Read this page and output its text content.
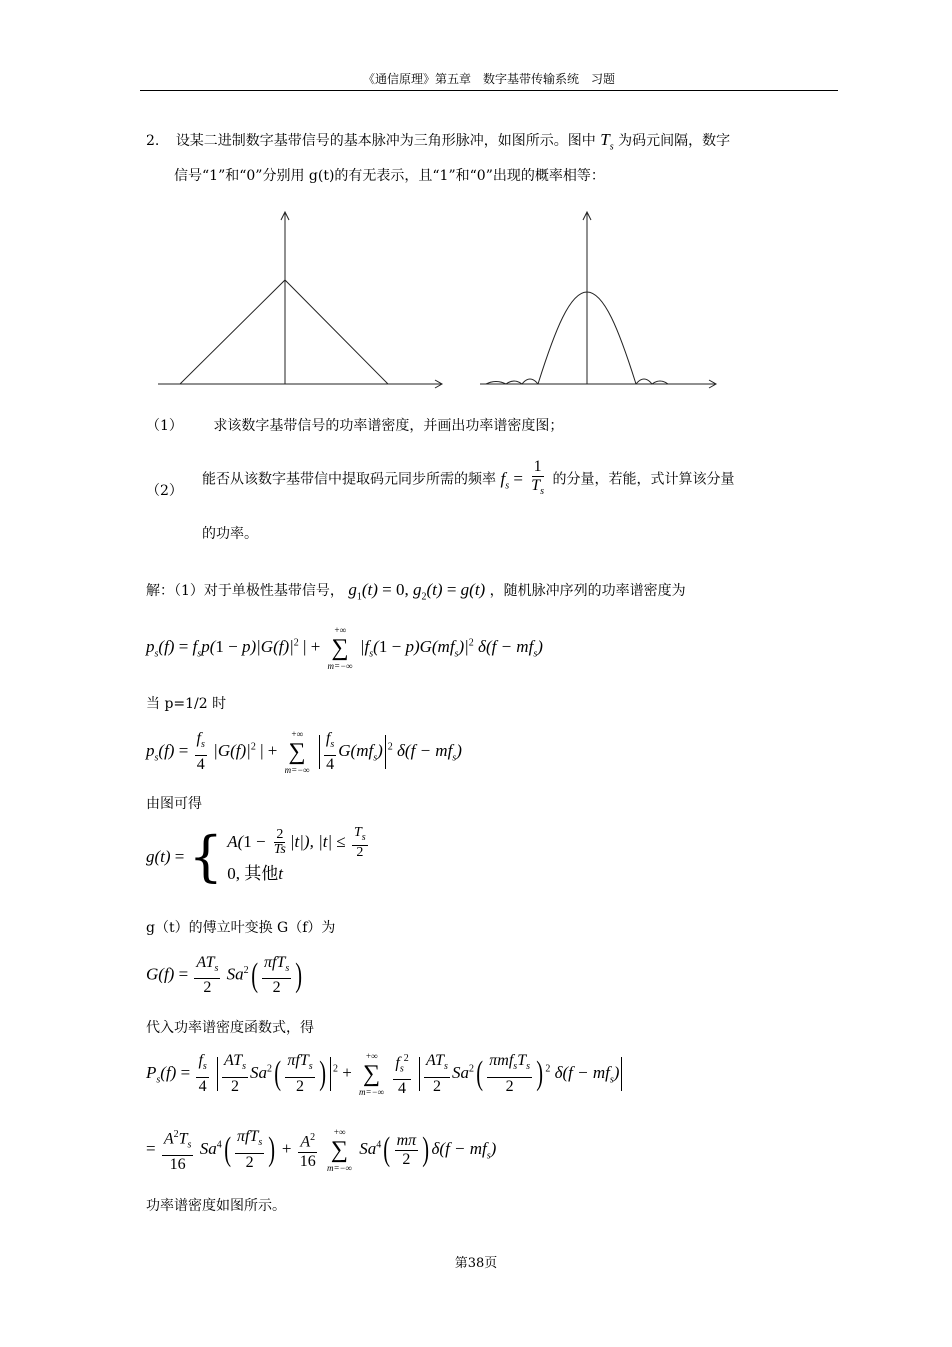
《通信原理》第五章　数字基带传输系统　习题
2. 设某二进制数字基带信号的基本脉冲为三角形脉冲，如图所示。图中 $T_s$ 为码元间隔，数字
信号“1”和“0”分别用 g(t)的有无表示，且“1”和“0”出现的概率相等：
（1） 求该数字基带信号的功率谱密度，并画出功率谱密度图；
（2）
能否从该数字基带信中提取码元同步所需的频率 $f_s = \frac{1}{T_s}$ 的分量，若能，式计算该分量
的功率。
解：（1）对于单极性基带信号， $g_1(t) = 0$, $g_2(t) = g(t)$ ，随机脉冲序列的功率谱密度为
$p_s(f) = f_sp(1 - p)|G(f)|^2$ | +
+∞
∑
m=−∞
$|f_s(1 - p)G(mf_s)|^2$ $\delta(f - mf_s)$
当 p=1/2 时
$p_s(f) = \frac{f_s}{4} |G(f)|^2$ | +
+∞
∑
m=−∞
$\frac{f_s}{4} G(mf_s)$ $^2$ $\delta(f - mf_s)$
由图可得
g(t) = { $A(1 - \frac{2}{Ts} |t|)$, $|t| \le \frac{T_s}{2}$
0, 其他t
g（t）的傅立叶变换 G（f）为
$G(f) = \frac{AT_s}{2} Sa^2( \frac{\pi fT_s}{2}$ )
代入功率谱密度函数式，得
$P_s(f) = \frac{f_s}{4}$
$\frac{AT_s}{2} Sa^2( \frac{\pi fT_s}{2}$ ) $^2$ +
+∞
∑
m=−∞
$\frac{f_s^2}{4}$
$\frac{AT_s}{2} Sa^2( \frac{\pi mf_sT_s}{2}$ ) $^2$ $\delta(f - mf_s)$
= $\frac{A^2T_s}{16} Sa^4( \frac{\pi fT_s}{2}$ ) + $\frac{A^2}{16}$
+∞
∑
m=−∞
$Sa^4( \frac{m\pi}{2}$ ) $\delta(f - mf_s)$
功率谱密度如图所示。
第38页
